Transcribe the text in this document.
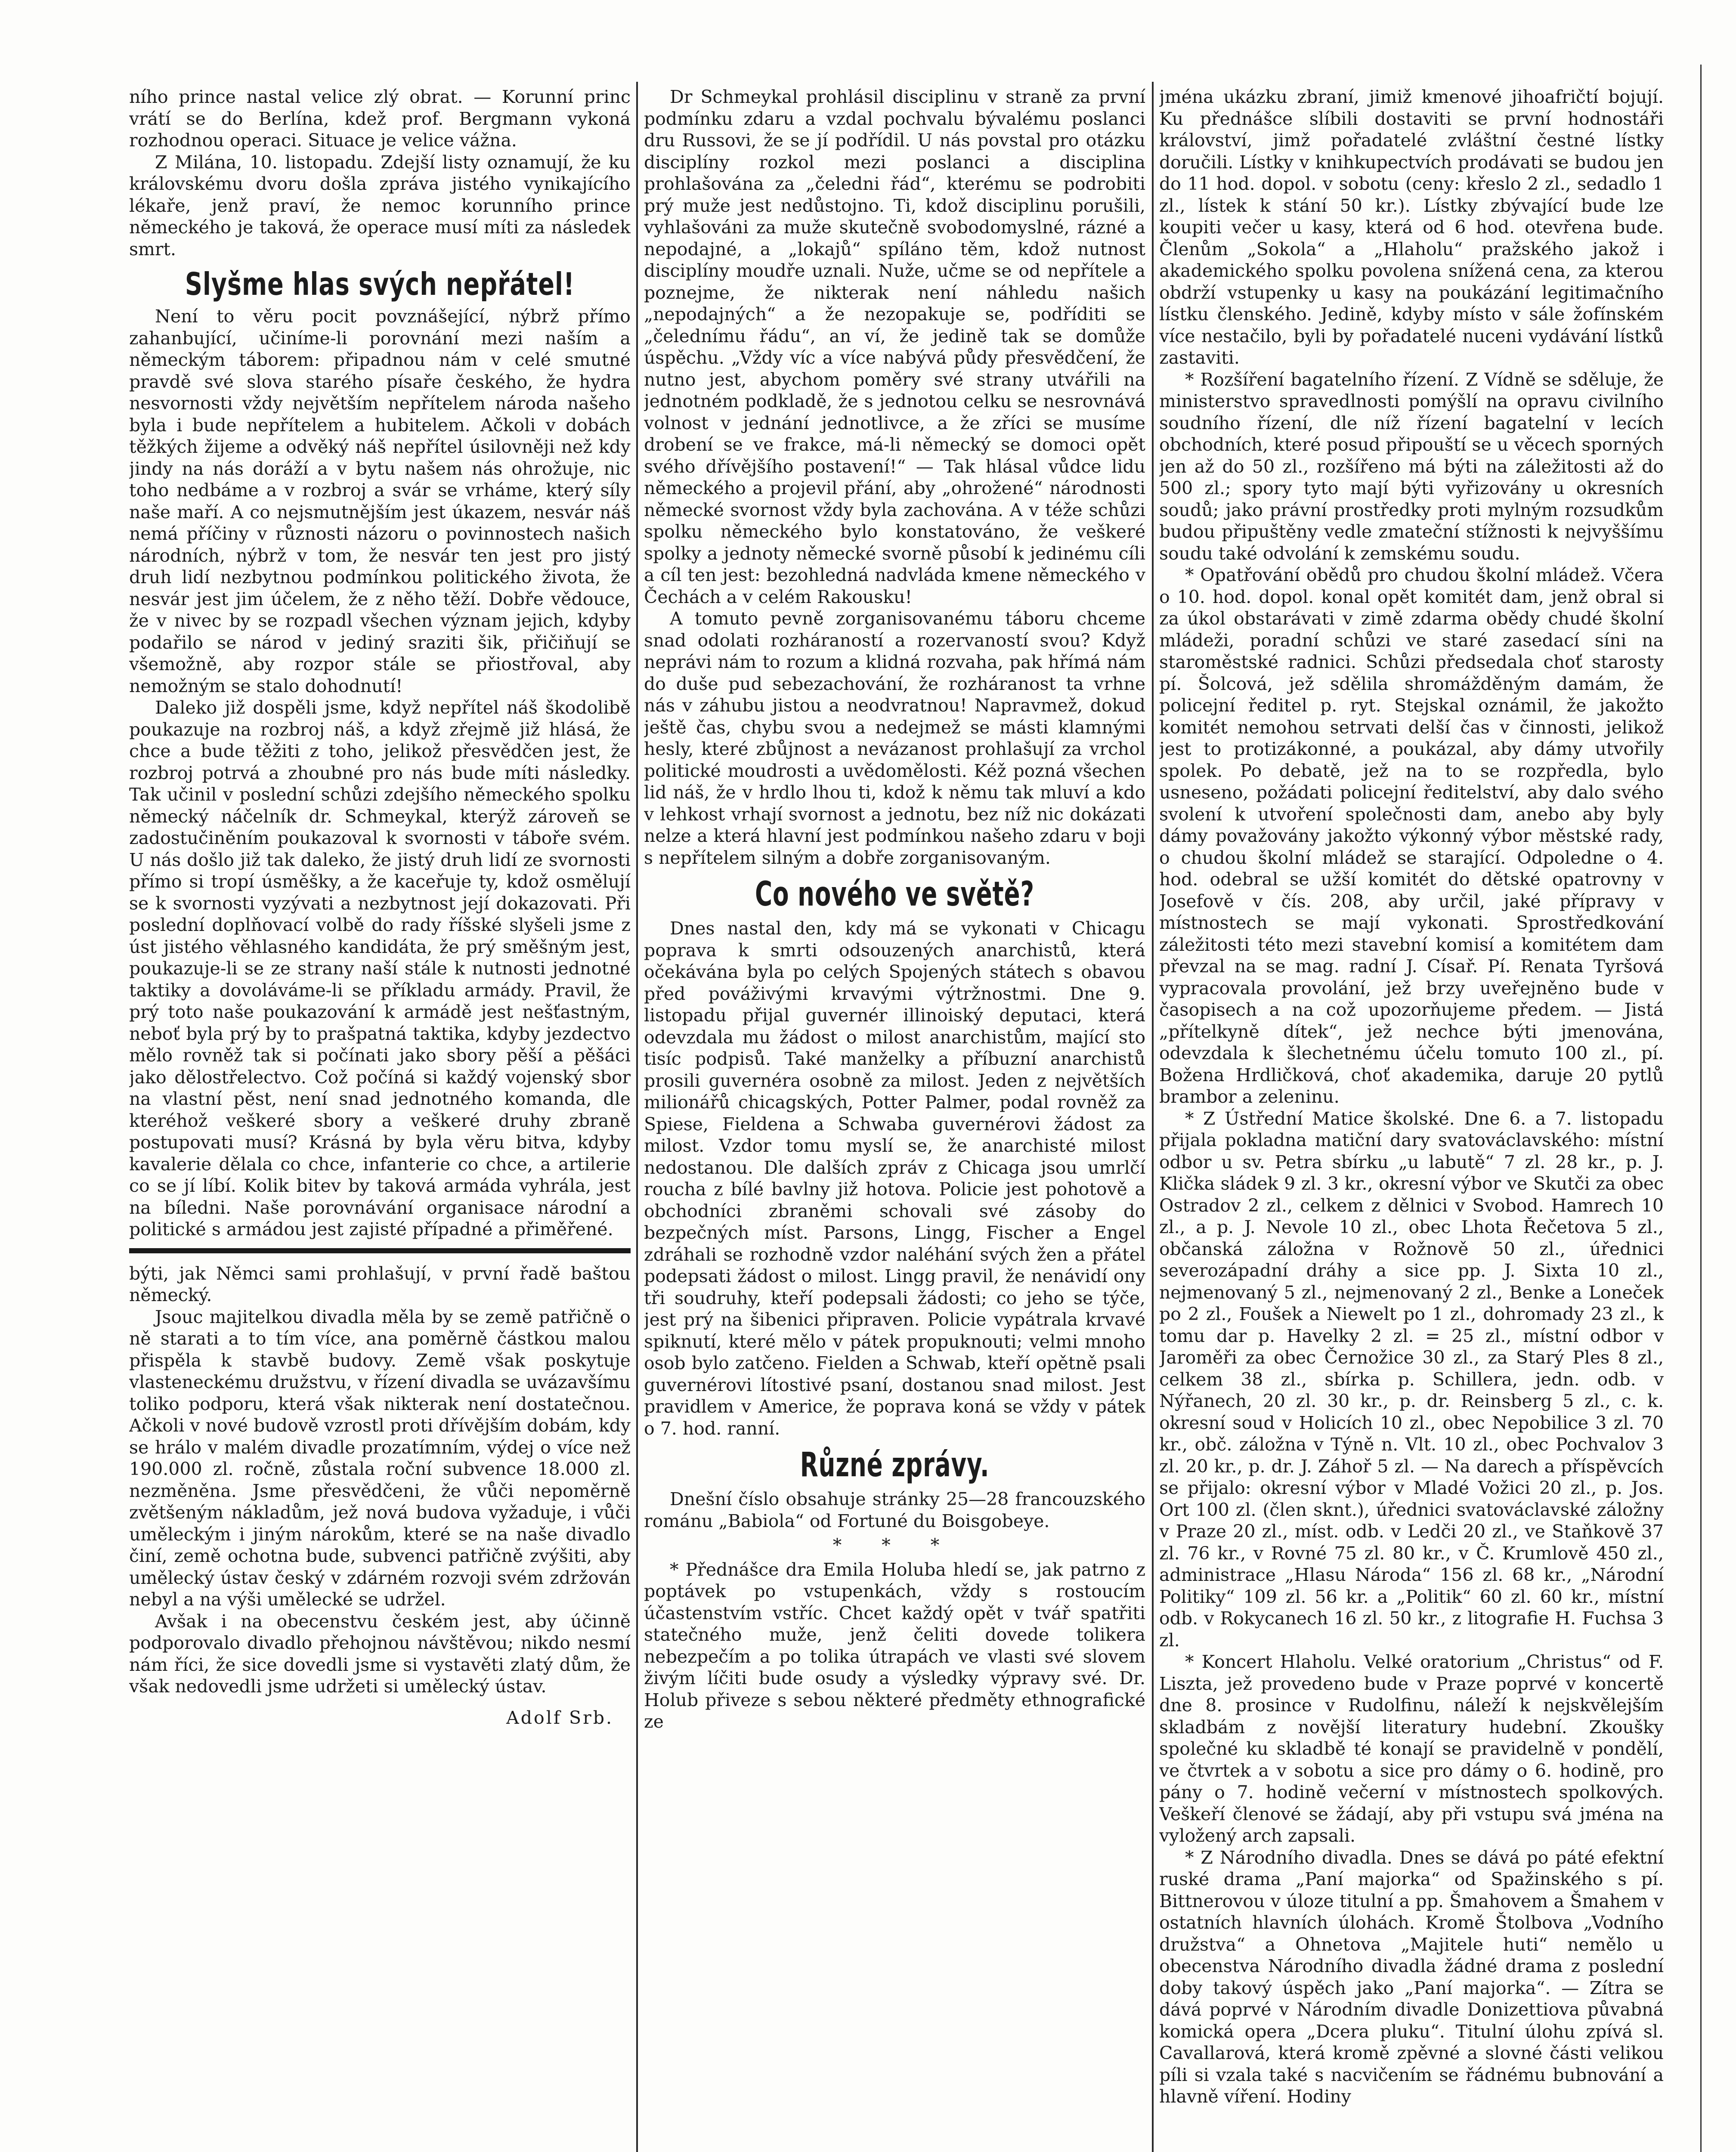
ního prince nastal velice zlý obrat. — Korunní princ vrátí se do Berlína, kdež prof. Bergmann vykoná rozhodnou operaci. Situace je velice vážna.

Z Milána, 10. listopadu. Zdejší listy oznamují, že ku královskému dvoru došla zpráva jistého vynikajícího lékaře, jenž praví, že nemoc korunního prince německého je taková, že operace musí míti za následek smrt.

Slyšme hlas svých nepřátel!

Není to věru pocit povznášející, nýbrž přímo zahanbující, učiníme-li porovnání mezi naším a německým táborem: připadnou nám v celé smutné pravdě své slova starého písaře českého, že hydra nesvornosti vždy největším nepřítelem národa našeho byla i bude nepřítelem a hubitelem. Ačkoli v dobách těžkých žijeme a odvěký náš nepřítel úsilovněji než kdy jindy na nás doráží a v bytu našem nás ohrožuje, nic toho nedbáme a v rozbroj a svár se vrháme, který síly naše maří. A co nejsmutnějším jest úkazem, nesvár náš nemá příčiny v různosti názoru o povinnostech našich národních, nýbrž v tom, že nesvár ten jest pro jistý druh lidí nezbytnou podmínkou politického života, že nesvár jest jim účelem, že z něho těží. Dobře vědouce, že v nivec by se rozpadl všechen význam jejich, kdyby podařilo se národ v jediný sraziti šik, přičiňují se všemožně, aby rozpor stále se přiostřoval, aby nemožným se stalo dohodnutí!

Daleko již dospěli jsme, když nepřítel náš škodolibě poukazuje na rozbroj náš, a když zřejmě již hlásá, že chce a bude těžiti z toho, jelikož přesvědčen jest, že rozbroj potrvá a zhoubné pro nás bude míti následky. Tak učinil v poslední schůzi zdejšího německého spolku německý náčelník dr. Schmeykal, kterýž zároveň se zadostučiněním poukazoval k svornosti v táboře svém. U nás došlo již tak daleko, že jistý druh lidí ze svornosti přímo si tropí úsměšky, a že kaceřuje ty, kdož osmělují se k svornosti vyzývati a nezbytnost její dokazovati. Při poslední doplňovací volbě do rady říšské slyšeli jsme z úst jistého věhlasného kandidáta, že prý směšným jest, poukazuje-li se ze strany naší stále k nutnosti jednotné taktiky a dovoláváme-li se příkladu armády. Pravil, že prý toto naše poukazování k armádě jest nešťastným, neboť byla prý by to prašpatná taktika, kdyby jezdectvo mělo rovněž tak si počínati jako sbory pěší a pěšáci jako dělostřelectvo. Což počíná si každý vojenský sbor na vlastní pěst, není snad jednotného komanda, dle kteréhož veškeré sbory a veškeré druhy zbraně postupovati musí? Krásná by byla věru bitva, kdyby kavalerie dělala co chce, infanterie co chce, a artilerie co se jí líbí. Kolik bitev by taková armáda vyhrála, jest na bíledni. Naše porovnávání organisace národní a politické s armádou jest zajisté případné a přiměřené.

býti, jak Němci sami prohlašují, v první řadě baštou německý.

Jsouc majitelkou divadla měla by se země patřičně o ně starati a to tím více, ana poměrně částkou malou přispěla k stavbě budovy. Země však poskytuje vlasteneckému družstvu, v řízení divadla se uvázavšímu toliko podporu, která však nikterak není dostatečnou. Ačkoli v nové budově vzrostl proti dřívějším dobám, kdy se hrálo v malém divadle prozatímním, výdej o více než 190.000 zl. ročně, zůstala roční subvence 18.000 zl. nezměněna. Jsme přesvědčeni, že vůči nepoměrně zvětšeným nákladům, jež nová budova vyžaduje, i vůči uměleckým i jiným nárokům, které se na naše divadlo činí, země ochotna bude, subvenci patřičně zvýšiti, aby umělecký ústav český v zdárném rozvoji svém zdržován nebyl a na výši umělecké se udržel.

Avšak i na obecenstvu českém jest, aby účinně podporovalo divadlo přehojnou návštěvou; nikdo nesmí nám říci, že sice dovedli jsme si vystavěti zlatý dům, že však nedovedli jsme udržeti si umělecký ústav.

Adolf Srb.

Dr Schmeykal prohlásil disciplinu v straně za první podmínku zdaru a vzdal pochvalu bývalému poslanci dru Russovi, že se jí podřídil. U nás povstal pro otázku disciplíny rozkol mezi poslanci a disciplina prohlašována za „čeledni řád“, kterému se podrobiti prý muže jest nedůstojno. Ti, kdož disciplinu porušili, vyhlašováni za muže skutečně svobodomyslné, rázné a nepodajné, a „lokajů“ spíláno těm, kdož nutnost disciplíny moudře uznali. Nuže, učme se od nepřítele a poznejme, že nikterak není náhledu našich „nepodajných“ a že nezopakuje se, podříditi se „čelednímu řádu“, an ví, že jedině tak se domůže úspěchu. „Vždy víc a více nabývá půdy přesvědčení, že nutno jest, abychom poměry své strany utvářili na jednotném podkladě, že s jednotou celku se nesrovnává volnost v jednání jednotlivce, a že zříci se musíme drobení se ve frakce, má-li německý se domoci opět svého dřívějšího postavení!“ — Tak hlásal vůdce lidu německého a projevil přání, aby „ohrožené“ národnosti německé svornost vždy byla zachována. A v téže schůzi spolku německého bylo konstatováno, že veškeré spolky a jednoty německé svorně působí k jedinému cíli a cíl ten jest: bezohledná nadvláda kmene německého v Čechách a v celém Rakousku!

A tomuto pevně zorganisovanému táboru chceme snad odolati rozháraností a rozervaností svou? Když neprávi nám to rozum a klidná rozvaha, pak hřímá nám do duše pud sebezachování, že rozháranost ta vrhne nás v záhubu jistou a neodvratnou! Napravmež, dokud ještě čas, chybu svou a nedejmež se másti klamnými hesly, které zbůjnost a nevázanost prohlašují za vrchol politické moudrosti a uvědomělosti. Kéž pozná všechen lid náš, že v hrdlo lhou ti, kdož k němu tak mluví a kdo v lehkost vrhají svornost a jednotu, bez níž nic dokázati nelze a která hlavní jest podmínkou našeho zdaru v boji s nepřítelem silným a dobře zorganisovaným.

Co nového ve světě?

Dnes nastal den, kdy má se vykonati v Chicagu poprava k smrti odsouzených anarchistů, která očekávána byla po celých Spojených státech s obavou před pováživými krvavými výtržnostmi. Dne 9. listopadu přijal guvernér illinoiský deputaci, která odevzdala mu žádost o milost anarchistům, mající sto tisíc podpisů. Také manželky a příbuzní anarchistů prosili guvernéra osobně za milost. Jeden z největších milionářů chicagských, Potter Palmer, podal rovněž za Spiese, Fieldena a Schwaba guvernérovi žádost za milost. Vzdor tomu myslí se, že anarchisté milost nedostanou. Dle dalších zpráv z Chicaga jsou umrlčí roucha z bílé bavlny již hotova. Policie jest pohotově a obchodníci zbraněmi schovali své zásoby do bezpečných míst. Parsons, Lingg, Fischer a Engel zdráhali se rozhodně vzdor naléhání svých žen a přátel podepsati žádost o milost. Lingg pravil, že nenávidí ony tři soudruhy, kteří podepsali žádosti; co jeho se týče, jest prý na šibenici připraven. Policie vypátrala krvavé spiknutí, které mělo v pátek propuknouti; velmi mnoho osob bylo zatčeno. Fielden a Schwab, kteří opětně psali guvernérovi lítostivé psaní, dostanou snad milost. Jest pravidlem v Americe, že poprava koná se vždy v pátek o 7. hod. ranní.

Různé zprávy.

Dnešní číslo obsahuje stránky 25—28 francouzského románu „Babiola“ od Fortuné du Boisgobeye.

* * *

* Přednášce dra Emila Holuba hledí se, jak patrno z poptávek po vstupenkách, vždy s rostoucím účastenstvím vstříc. Chcet každý opět v tvář spatřiti statečného muže, jenž čeliti dovede tolikera nebezpečím a po tolika útrapách ve vlasti své slovem živým líčiti bude osudy a výsledky výpravy své. Dr. Holub přiveze s sebou některé předměty ethnografické ze

jména ukázku zbraní, jimiž kmenové jihoafričtí bojují. Ku přednášce slíbili dostaviti se první hodnostáři království, jimž pořadatelé zvláštní čestné lístky doručili. Lístky v knihkupectvích prodávati se budou jen do 11 hod. dopol. v sobotu (ceny: křeslo 2 zl., sedadlo 1 zl., lístek k stání 50 kr.). Lístky zbývající bude lze koupiti večer u kasy, která od 6 hod. otevřena bude. Členům „Sokola“ a „Hlaholu“ pražského jakož i akademického spolku povolena snížená cena, za kterou obdrží vstupenky u kasy na poukázání legitimačního lístku členského. Jedině, kdyby místo v sále žofínském více nestačilo, byli by pořadatelé nuceni vydávání lístků zastaviti.

* Rozšíření bagatelního řízení. Z Vídně se sděluje, že ministerstvo spravedlnosti pomýšlí na opravu civilního soudního řízení, dle níž řízení bagatelní v lecích obchodních, které posud připouští se u věcech sporných jen až do 50 zl., rozšířeno má býti na záležitosti až do 500 zl.; spory tyto mají býti vyřizovány u okresních soudů; jako právní prostředky proti mylným rozsudkům budou připuštěny vedle zmateční stížnosti k nejvyššímu soudu také odvolání k zemskému soudu.

* Opatřování obědů pro chudou školní mládež. Včera o 10. hod. dopol. konal opět komitét dam, jenž obral si za úkol obstarávati v zimě zdarma obědy chudé školní mládeži, poradní schůzi ve staré zasedací síni na staroměstské radnici. Schůzi předsedala choť starosty pí. Šolcová, jež sdělila shromážděným damám, že policejní ředitel p. ryt. Stejskal oznámil, že jakožto komitét nemohou setrvati delší čas v činnosti, jelikož jest to protizákonné, a poukázal, aby dámy utvořily spolek. Po debatě, jež na to se rozpředla, bylo usneseno, požádati policejní ředitelství, aby dalo svého svolení k utvoření společnosti dam, anebo aby byly dámy považovány jakožto výkonný výbor městské rady, o chudou školní mládež se starající. Odpoledne o 4. hod. odebral se užší komitét do dětské opatrovny v Josefově v čís. 208, aby určil, jaké přípravy v místnostech se mají vykonati. Sprostředkování záležitosti této mezi stavební komisí a komitétem dam převzal na se mag. radní J. Císař. Pí. Renata Tyršová vypracovala provolání, jež brzy uveřejněno bude v časopisech a na což upozorňujeme předem. — Jistá „přítelkyně dítek“, jež nechce býti jmenována, odevzdala k šlechetnému účelu tomuto 100 zl., pí. Božena Hrdličková, choť akademika, daruje 20 pytlů brambor a zeleninu.

* Z Ústřední Matice školské. Dne 6. a 7. listopadu přijala pokladna matiční dary svatováclavského: místní odbor u sv. Petra sbírku „u labutě“ 7 zl. 28 kr., p. J. Klička sládek 9 zl. 3 kr., okresní výbor ve Skutči za obec Ostradov 2 zl., celkem z dělnici v Svobod. Hamrech 10 zl., a p. J. Nevole 10 zl., obec Lhota Řečetova 5 zl., občanská záložna v Rožnově 50 zl., úřednici severozápadní dráhy a sice pp. J. Sixta 10 zl., nejmenovaný 5 zl., nejmenovaný 2 zl., Benke a Loneček po 2 zl., Foušek a Niewelt po 1 zl., dohromady 23 zl., k tomu dar p. Havelky 2 zl. = 25 zl., místní odbor v Jaroměři za obec Černožice 30 zl., za Starý Ples 8 zl., celkem 38 zl., sbírka p. Schillera, jedn. odb. v Nýřanech, 20 zl. 30 kr., p. dr. Reinsberg 5 zl., c. k. okresní soud v Holicích 10 zl., obec Nepobilice 3 zl. 70 kr., obč. záložna v Týně n. Vlt. 10 zl., obec Pochvalov 3 zl. 20 kr., p. dr. J. Záhoř 5 zl. — Na darech a příspěvcích se přijalo: okresní výbor v Mladé Vožici 20 zl., p. Jos. Ort 100 zl. (člen sknt.), úřednici svatováclavské záložny v Praze 20 zl., míst. odb. v Ledči 20 zl., ve Staňkově 37 zl. 76 kr., v Rovné 75 zl. 80 kr., v Č. Krumlově 450 zl., administrace „Hlasu Národa“ 156 zl. 68 kr., „Národní Politiky“ 109 zl. 56 kr. a „Politik“ 60 zl. 60 kr., místní odb. v Rokycanech 16 zl. 50 kr., z litografie H. Fuchsa 3 zl.

* Koncert Hlaholu. Velké oratorium „Christus“ od F. Liszta, jež provedeno bude v Praze poprvé v koncertě dne 8. prosince v Rudolfinu, náleží k nejskvělejším skladbám z novější literatury hudební. Zkoušky společné ku skladbě té konají se pravidelně v pondělí, ve čtvrtek a v sobotu a sice pro dámy o 6. hodině, pro pány o 7. hodině večerní v místnostech spolkových. Veškeří členové se žádají, aby při vstupu svá jména na vyložený arch zapsali.

* Z Národního divadla. Dnes se dává po páté efektní ruské drama „Paní majorka“ od Spažinského s pí. Bittnerovou v úloze titulní a pp. Šmahovem a Šmahem v ostatních hlavních úlohách. Kromě Štolbova „Vodního družstva“ a Ohnetova „Majitele huti“ nemělo u obecenstva Národního divadla žádné drama z poslední doby takový úspěch jako „Paní majorka“. — Zítra se dává poprvé v Národním divadle Donizettiova půvabná komická opera „Dcera pluku“. Titulní úlohu zpívá sl. Cavallarová, která kromě zpěvné a slovné části velikou píli si vzala také s nacvičením se řádnému bubnování a hlavně víření. Hodiny
